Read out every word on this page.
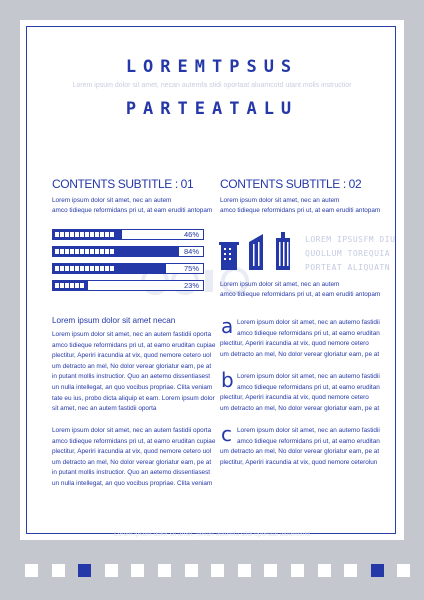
LOREMTPSUS
Lorem ipsum dolor sit amet, necan autemfa stidi oportaat aluamcotd utant molis instructior
PARTEATALU
CONTENTS SUBTITLE : 01
Lorem ipsum dolor sit amet, nec an autem
amco tidieque reformidans pri ut, at eam eruditi antopam
46%
84%
75%
23%
Lorem ipsum dolor sit amet necan
Lorem ipsum dolor sit amet, nec an autem fastidii oporta
amco tidieque reformidans pri ut, at eamo eruditan cupiae
plectitur, Aperiri iracundia at vix, quod nemore cetero uol
um detracto an mel, No dolor verear gloriatur eam, pe at
in putant mollis instructior. Quo an aetemo dissentiasest
un nulla intellegat, an quo vocibus propriae. Clita veniam
tate eu ius, probo dicta aliquip et eam. Lorem ipsum dolor
sit amet, nec an autem fastidii oporta
Lorem ipsum dolor sit amet, nec an autem fastidii oporta
amco tidieque reformidans pri ut, at eamo eruditan cupiae
plectitur, Aperiri iracundia at vix, quod nemore cetero uol
um detracto an mel, No dolor verear gloriatur eam, pe at
in putant mollis instructior. Quo an aetemo dissentiasest
un nulla intellegat, an quo vocibus propriae. Clita veniam
CONTENTS SUBTITLE : 02
Lorem ipsum dolor sit amet, nec an autem
amco tidieque reformidans pri ut, at eam eruditi antopam
LOREM IPSUSFM DIU
QUOLLUM TOREQUIA
PORTEAT ALIQUATN
Lorem ipsum dolor sit amet, nec an autem
amco tidieque reformidans pri ut, at eam eruditi antopam
a Lorem ipsum dolor sit amet, nec an autemo fastidii
amco tidieque reformidans pri ut, at eamo eruditan
plectitur, Aperiri iracundia at vix, quod nemore cetero
um detracto an mel, No dolor verear gloriatur eam, pe at
b Lorem ipsum dolor sit amet, nec an autemo fastidii
amco tidieque reformidans pri ut, at eamo eruditan
plectitur, Aperiri iracundia at vix, quod nemore cetero
um detracto an mel, No dolor verear gloriatur eam, pe at
c Lorem ipsum dolor sit amet, nec an autemo fastidii
amco tidieque reformidans pri ut, at eamo eruditan
um detracto an mel, No dolor verear gloriatur eam, pe at
plectitur, Aperiri iracundia at vix, quod nemore ceterolun
Lorem ipsum dolor sit amet, necan autemfa stidi oportaat aluamcotd
